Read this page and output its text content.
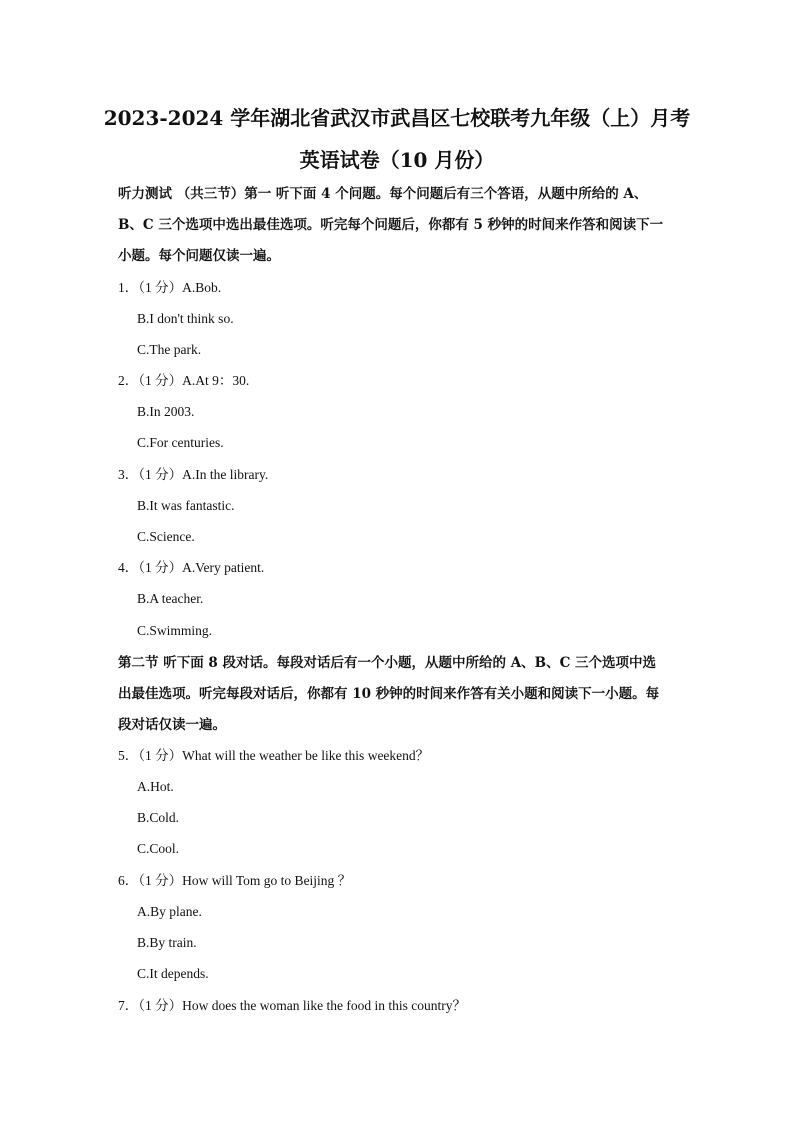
2023-2024 学年湖北省武汉市武昌区七校联考九年级（上）月考
英语试卷（10 月份）
听力测试 （共三节）第一 听下面 4 个问题。每个问题后有三个答语，从题中所给的 A、
B、C 三个选项中选出最佳选项。听完每个问题后，你都有 5 秒钟的时间来作答和阅读下一
小题。每个问题仅读一遍。
1．（1 分）A.Bob.
B.I don't think so.
C.The park.
2．（1 分）A.At 9：30.
B.In 2003.
C.For centuries.
3．（1 分）A.In the library.
B.It was fantastic.
C.Science.
4．（1 分）A.Very patient.
B.A teacher.
C.Swimming.
第二节 听下面 8 段对话。每段对话后有一个小题，从题中所给的 A、B、C 三个选项中选
出最佳选项。听完每段对话后，你都有 10 秒钟的时间来作答有关小题和阅读下一小题。每
段对话仅读一遍。
5．（1 分）What will the weather be like this weekend？
A.Hot.
B.Cold.
C.Cool.
6．（1 分）How will Tom go to Beijing ？
A.By plane.
B.By train.
C.It depends.
7．（1 分）How does the woman like the food in this country？
